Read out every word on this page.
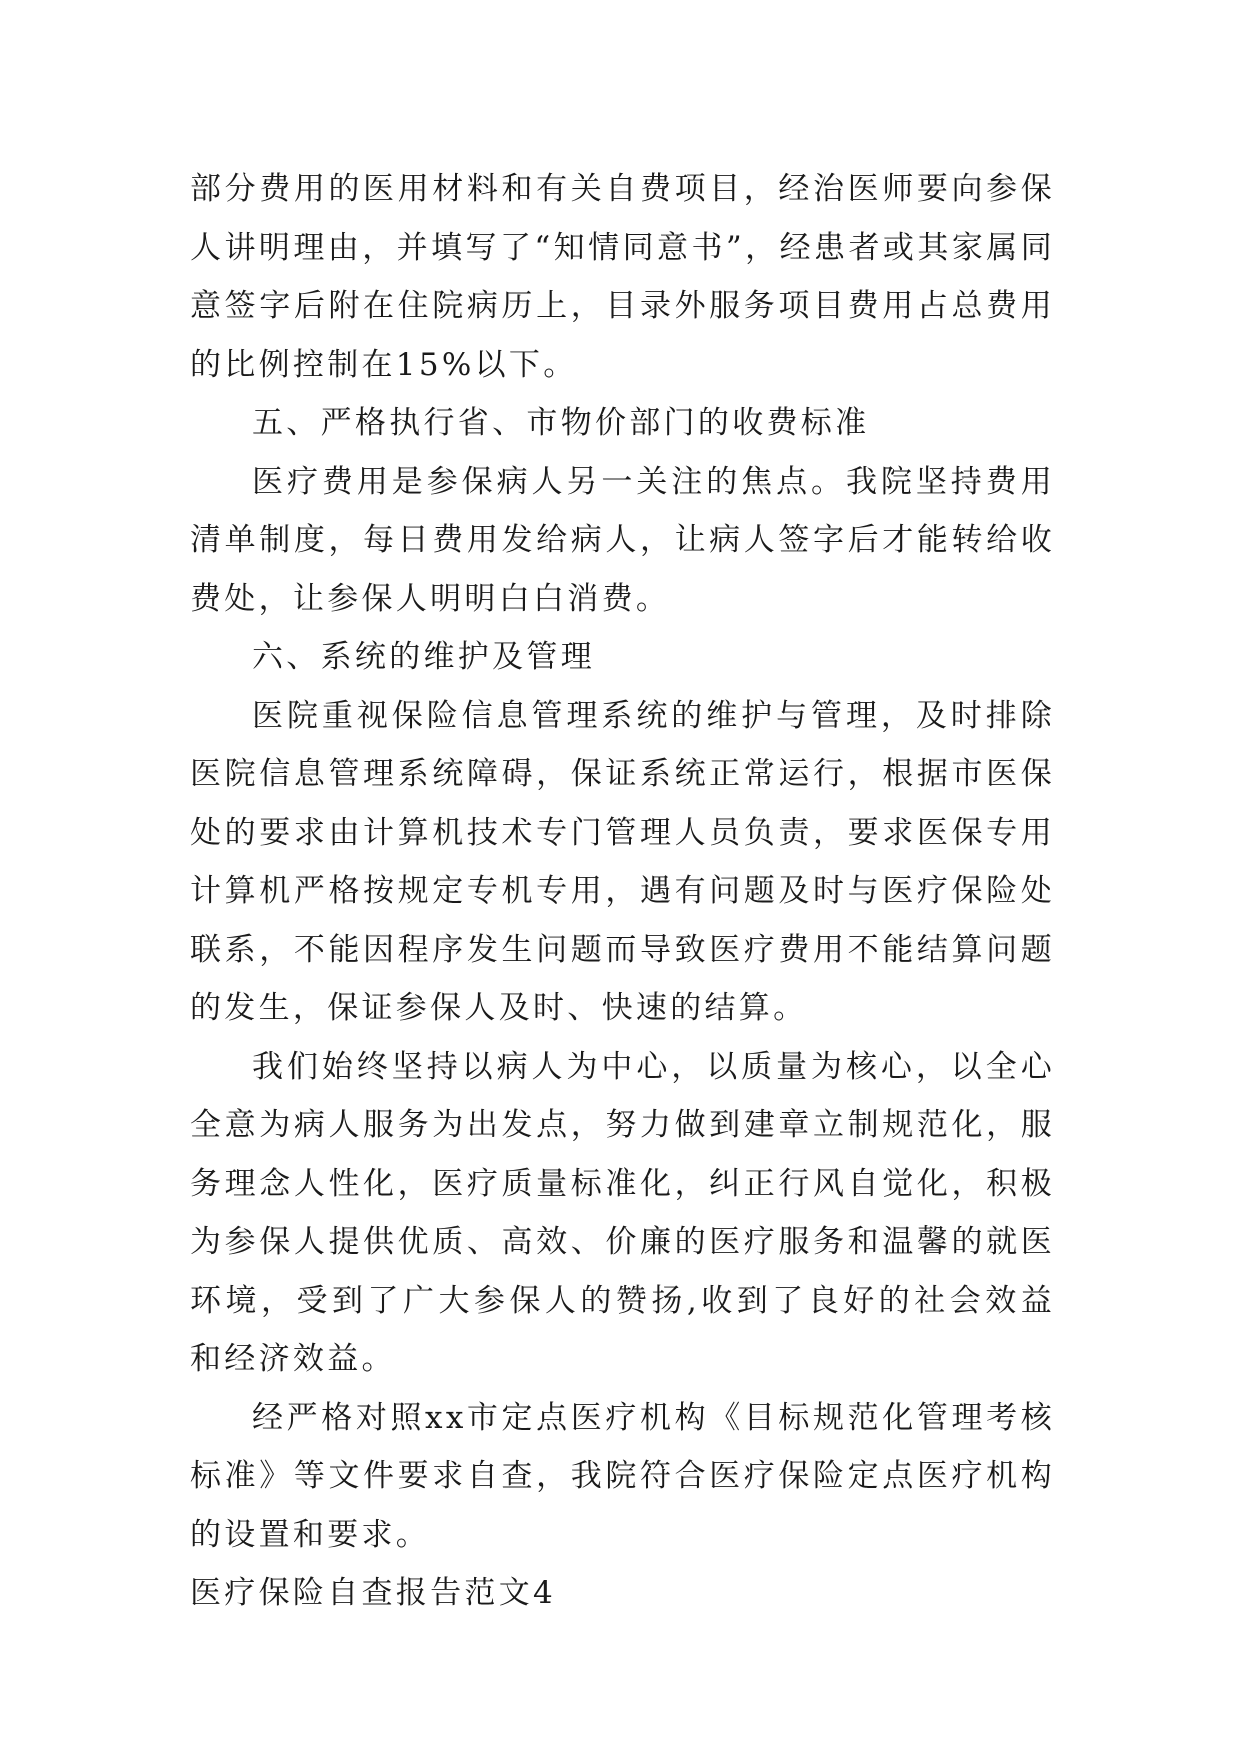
部分费用的医用材料和有关自费项目，经治医师要向参保人讲明理由，并填写了“知情同意书”，经患者或其家属同意签字后附在住院病历上，目录外服务项目费用占总费用的比例控制在15%以下。

五、严格执行省、市物价部门的收费标准

医疗费用是参保病人另一关注的焦点。我院坚持费用清单制度，每日费用发给病人，让病人签字后才能转给收费处，让参保人明明白白消费。

六、系统的维护及管理

医院重视保险信息管理系统的维护与管理，及时排除医院信息管理系统障碍，保证系统正常运行，根据市医保处的要求由计算机技术专门管理人员负责，要求医保专用计算机严格按规定专机专用，遇有问题及时与医疗保险处联系，不能因程序发生问题而导致医疗费用不能结算问题的发生，保证参保人及时、快速的结算。

我们始终坚持以病人为中心，以质量为核心，以全心全意为病人服务为出发点，努力做到建章立制规范化，服务理念人性化，医疗质量标准化，纠正行风自觉化，积极为参保人提供优质、高效、价廉的医疗服务和温馨的就医环境，受到了广大参保人的赞扬,收到了良好的社会效益和经济效益。

经严格对照xx市定点医疗机构《目标规范化管理考核标准》等文件要求自查，我院符合医疗保险定点医疗机构的设置和要求。

医疗保险自查报告范文4
